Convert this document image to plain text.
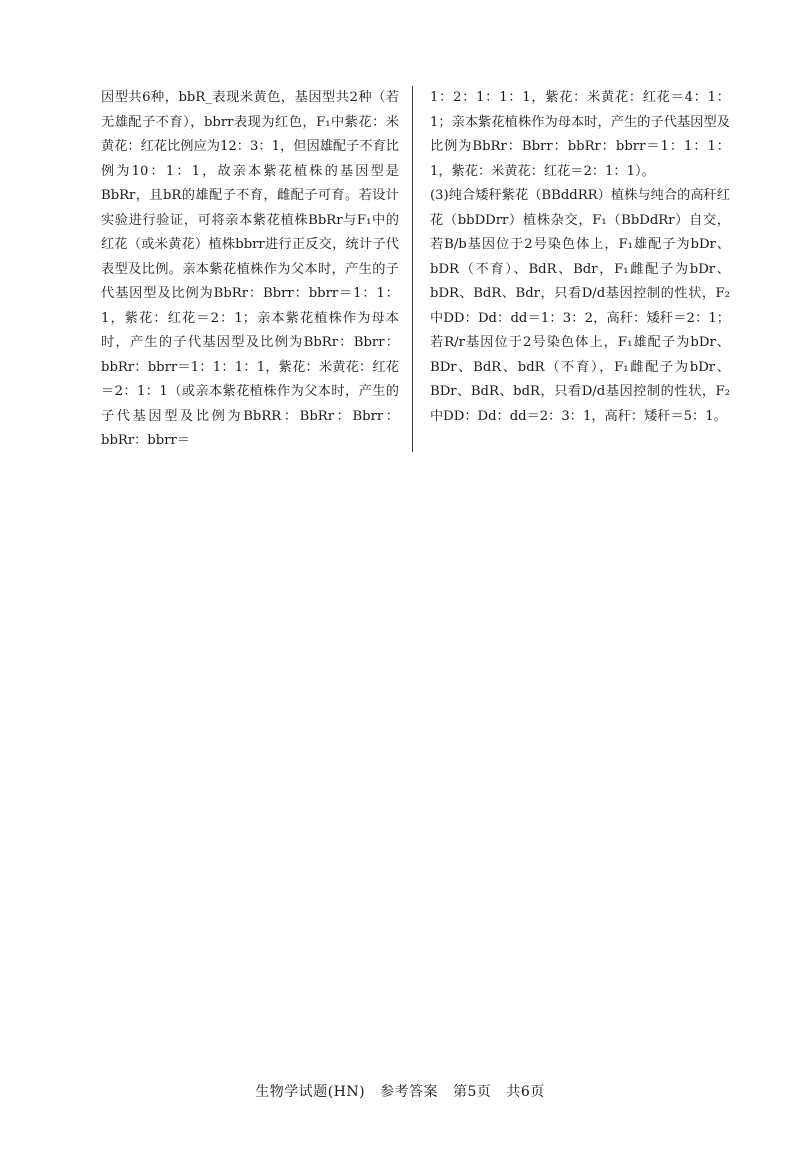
因型共6种，bbR_表现米黄色，基因型共2种（若无雄配子不育），bbrr表现为红色，F₁中紫花：米黄花：红花比例应为12：3：1，但因雄配子不育比例为10：1：1，故亲本紫花植株的基因型是BbRr，且bR的雄配子不育，雌配子可育。若设计实验进行验证，可将亲本紫花植株BbRr与F₁中的红花（或米黄花）植株bbrr进行正反交，统计子代表型及比例。亲本紫花植株作为父本时，产生的子代基因型及比例为BbRr：Bbrr：bbrr＝1：1：1，紫花：红花＝2：1；亲本紫花植株作为母本时，产生的子代基因型及比例为BbRr：Bbrr：bbRr：bbrr＝1：1：1：1，紫花：米黄花：红花＝2：1：1（或亲本紫花植株作为父本时，产生的子代基因型及比例为BbRR：BbRr：Bbrr：bbRr：bbrr＝

1：2：1：1：1，紫花：米黄花：红花＝4：1：1；亲本紫花植株作为母本时，产生的子代基因型及比例为BbRr：Bbrr：bbRr：bbrr＝1：1：1：1，紫花：米黄花：红花＝2：1：1）。

(3)纯合矮秆紫花（BBddRR）植株与纯合的高秆红花（bbDDrr）植株杂交，F₁（BbDdRr）自交，若B/b基因位于2号染色体上，F₁雄配子为bDr、bDR（不育）、BdR、Bdr，F₁雌配子为bDr、bDR、BdR、Bdr，只看D/d基因控制的性状，F₂中DD：Dd：dd＝1：3：2，高秆：矮秆＝2：1；若R/r基因位于2号染色体上，F₁雄配子为bDr、BDr、BdR、bdR（不育），F₁雌配子为bDr、BDr、BdR、bdR，只看D/d基因控制的性状，F₂中DD：Dd：dd＝2：3：1，高秆：矮秆＝5：1。

生物学试题(HN) 参考答案 第5页 共6页
